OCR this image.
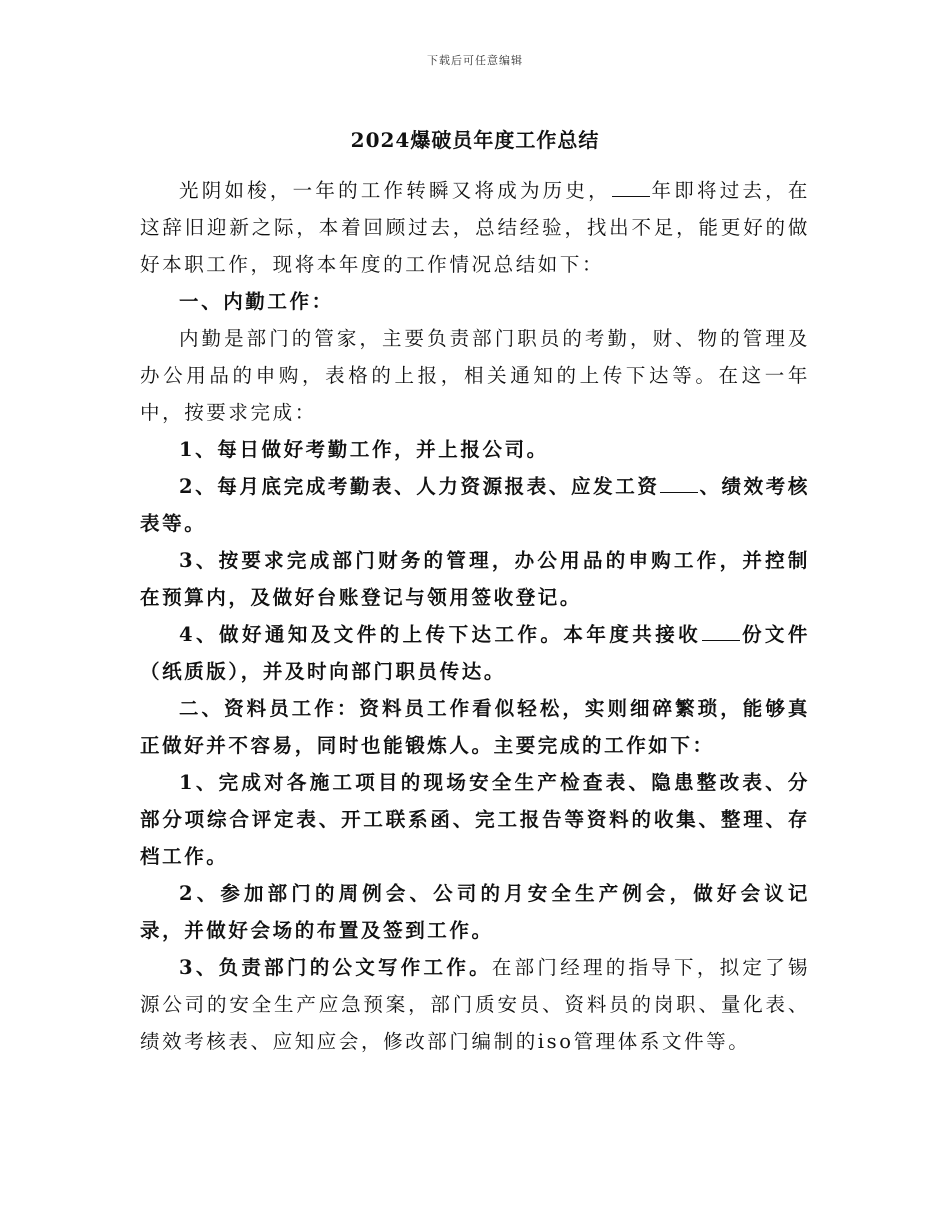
下载后可任意编辑
2024爆破员年度工作总结

光阴如梭，一年的工作转瞬又将成为历史， 年即将过去，在这辞旧迎新之际，本着回顾过去，总结经验，找出不足，能更好的做好本职工作，现将本年度的工作情况总结如下：

一、内勤工作：

内勤是部门的管家，主要负责部门职员的考勤，财、物的管理及办公用品的申购，表格的上报，相关通知的上传下达等。在这一年中，按要求完成：

1、每日做好考勤工作，并上报公司。

2、每月底完成考勤表、人力资源报表、应发工资 、绩效考核表等。

3、按要求完成部门财务的管理，办公用品的申购工作，并控制在预算内，及做好台账登记与领用签收登记。

4、做好通知及文件的上传下达工作。本年度共接收 份文件（纸质版），并及时向部门职员传达。

二、资料员工作：资料员工作看似轻松，实则细碎繁琐，能够真正做好并不容易，同时也能锻炼人。主要完成的工作如下：

1、完成对各施工项目的现场安全生产检查表、隐患整改表、分部分项综合评定表、开工联系函、完工报告等资料的收集、整理、存档工作。

2、参加部门的周例会、公司的月安全生产例会，做好会议记录，并做好会场的布置及签到工作。

3、负责部门的公文写作工作。在部门经理的指导下，拟定了锡源公司的安全生产应急预案，部门质安员、资料员的岗职、量化表、绩效考核表、应知应会，修改部门编制的iso管理体系文件等。
